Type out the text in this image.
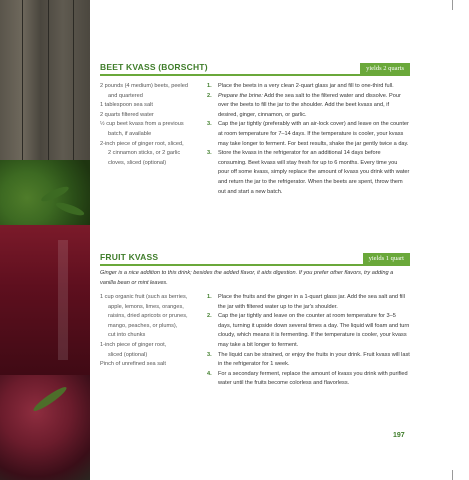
BEET KVASS (BORSCHT)	yields 2 quarts
2 pounds (4 medium) beets, peeled
and quartered
1 tablespoon sea salt
2 quarts filtered water
½ cup beet kvass from a previous
batch, if available
2-inch piece of ginger root, sliced,
2 cinnamon sticks, or 2 garlic
cloves, sliced (optional)
1. Place the beets in a very clean 2-quart glass jar and fill to one-third full.
2. Prepare the brine: Add the sea salt to the filtered water and dissolve. Pour over the beets to fill the jar to the shoulder. Add the beet kvass and, if desired, ginger, cinnamon, or garlic.
3. Cap the jar tightly (preferably with an air-lock cover) and leave on the counter at room temperature for 7–14 days. If the temperature is cooler, your kvass may take longer to ferment. For best results, shake the jar gently twice a day.
3. Store the kvass in the refrigerator for an additional 14 days before consuming. Beet kvass will stay fresh for up to 6 months. Every time you pour off some kvass, simply replace the amount of kvass you drink with water and return the jar to the refrigerator. When the beets are spent, throw them out and start a new batch.
FRUIT KVASS	yields 1 quart
Ginger is a nice addition to this drink; besides the added flavor, it aids digestion. If you prefer other flavors, try adding a vanilla bean or mint leaves.
1 cup organic fruit (such as berries,
apple, lemons, limes, oranges,
raisins, dried apricots or prunes,
mango, peaches, or plums),
cut into chunks
1-inch piece of ginger root,
sliced (optional)
Pinch of unrefined sea salt
1. Place the fruits and the ginger in a 1-quart glass jar. Add the sea salt and fill the jar with filtered water up to the jar's shoulder.
2. Cap the jar tightly and leave on the counter at room temperature for 3–5 days, turning it upside down several times a day. The liquid will foam and turn cloudy, which means it is fermenting. If the temperature is cooler, your kvass may take a bit longer to ferment.
3. The liquid can be strained, or enjoy the fruits in your drink. Fruit kvass will last in the refrigerator for 1 week.
4. For a secondary ferment, replace the amount of kvass you drink with purified water until the fruits become colorless and flavorless.
197
